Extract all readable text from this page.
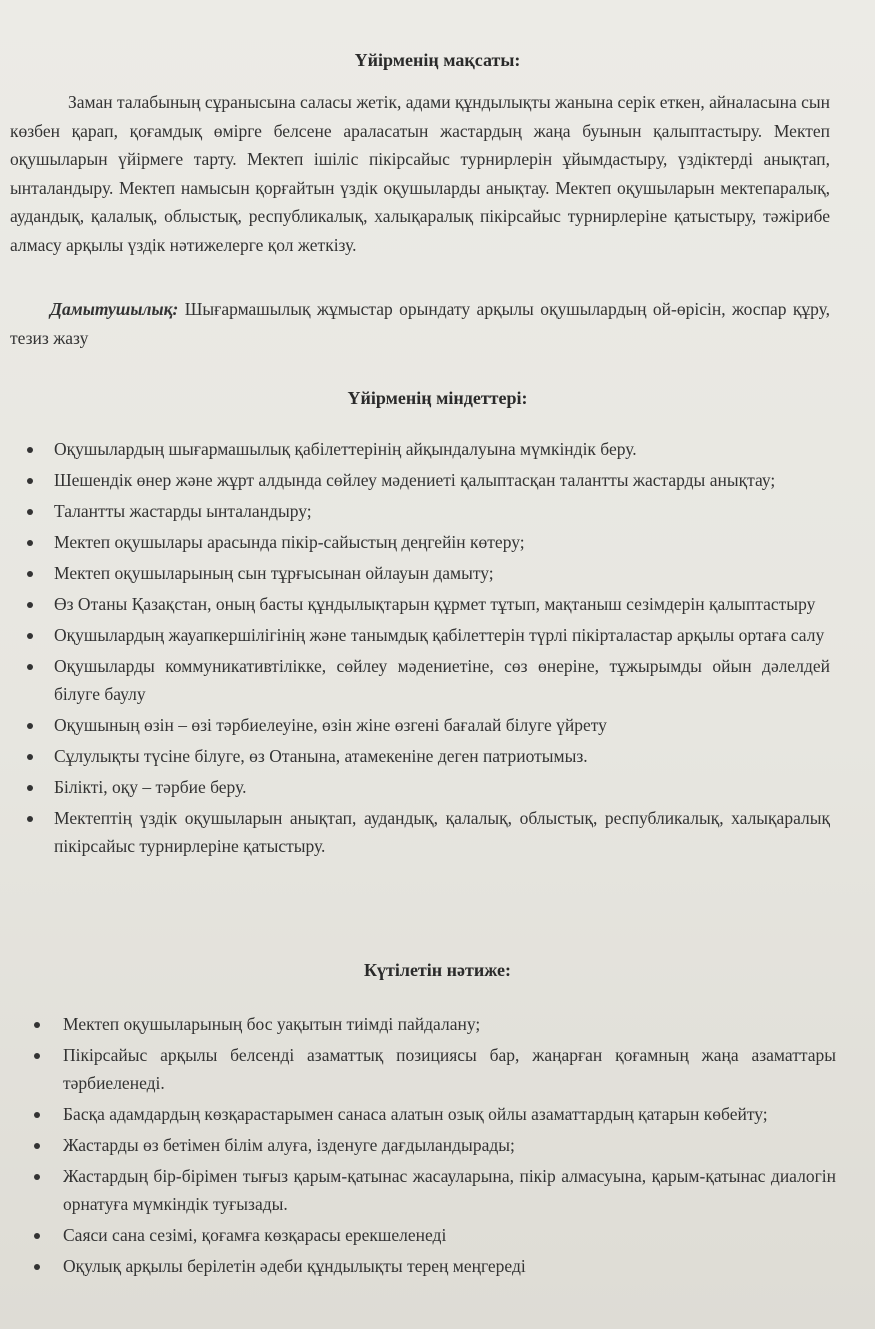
Үйірменің мақсаты:
Заман талабының сұранысына саласы жетік, адами құндылықты жанына серік еткен, айналасына сын көзбен қарап, қоғамдық өмірге белсене араласатын жастардың жаңа буынын қалыптастыру. Мектеп оқушыларын үйірмеге тарту. Мектеп ішіліс пікірсайыс турнирлерін ұйымдастыру, үздіктерді анықтап, ынталандыру. Мектеп намысын қорғайтын үздік оқушыларды анықтау. Мектеп оқушыларын мектепаралық, аудандық, қалалық, облыстық, республикалық, халықаралық пікірсайыс турнирлеріне қатыстыру, тәжірибе алмасу арқылы үздік нәтижелерге қол жеткізу.
Дамытушылық: Шығармашылық жұмыстар орындату арқылы оқушылардың ой-өрісін, жоспар құру, тезиз жазу
Үйірменің міндеттері:
Оқушылардың шығармашылық қабілеттерінің айқындалуына мүмкіндік беру.
Шешендік өнер және жұрт алдында сөйлеу мәдениеті қалыптасқан талантты жастарды анықтау;
Талантты жастарды ынталандыру;
Мектеп оқушылары арасында пікір-сайыстың деңгейін көтеру;
Мектеп оқушыларының сын тұрғысынан ойлауын дамыту;
Өз Отаны Қазақстан, оның басты құндылықтарын құрмет тұтып, мақтаныш сезімдерін қалыптастыру
Оқушылардың жауапкершілігінің және танымдық қабілеттерін түрлі пікірталастар арқылы ортаға салу
Оқушыларды коммуникативтілікке, сөйлеу мәдениетіне, сөз өнеріне, тұжырымды ойын дәлелдей білуге баулу
Оқушының өзін – өзі тәрбиелеуіне, өзін жіне өзгені бағалай білуге үйрету
Сұлулықты түсіне білуге, өз Отанына, атамекеніне деген патриотымыз.
Білікті, оқу – тәрбие беру.
Мектептің үздік оқушыларын анықтап, аудандық, қалалық, облыстық, республикалық, халықаралық пікірсайыс турнирлеріне қатыстыру.
Күтілетін нәтиже:
Мектеп оқушыларының бос уақытын тиімді пайдалану;
Пікірсайыс арқылы белсенді азаматтық позициясы бар, жаңарған қоғамның жаңа азаматтары тәрбиеленеді.
Басқа адамдардың көзқарастарымен санаса алатын озық ойлы азаматтардың қатарын көбейту;
Жастарды өз бетімен білім алуға, ізденуге дағдыландырады;
Жастардың бір-бірімен тығыз қарым-қатынас жасауларына, пікір алмасуына, қарым-қатынас диалогін орнатуға мүмкіндік туғызады.
Саяси сана сезімі, қоғамға көзқарасы ерекшеленеді
Оқулық арқылы берілетін әдеби құндылықты терең меңгереді
